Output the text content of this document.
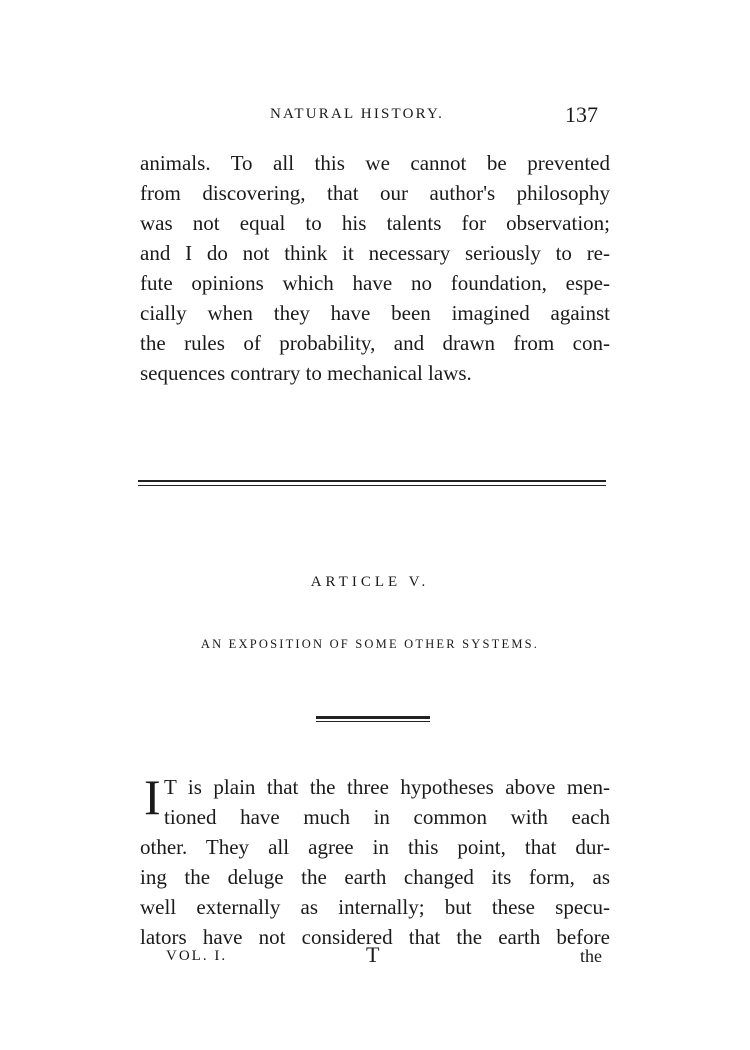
NATURAL HISTORY.	137
animals. To all this we cannot be prevented
from discovering, that our author's philosophy
was not equal to his talents for observation;
and I do not think it necessary seriously to re-
fute opinions which have no foundation, espe-
cially when they have been imagined against
the rules of probability, and drawn from con-
sequences contrary to mechanical laws.
ARTICLE V.
AN EXPOSITION OF SOME OTHER SYSTEMS.
I T is plain that the three hypotheses above men-
tioned have much in common with each
other. They all agree in this point, that dur-
ing the deluge the earth changed its form, as
well externally as internally; but these specu-
lators have not considered that the earth before
VOL. I.	T	the
